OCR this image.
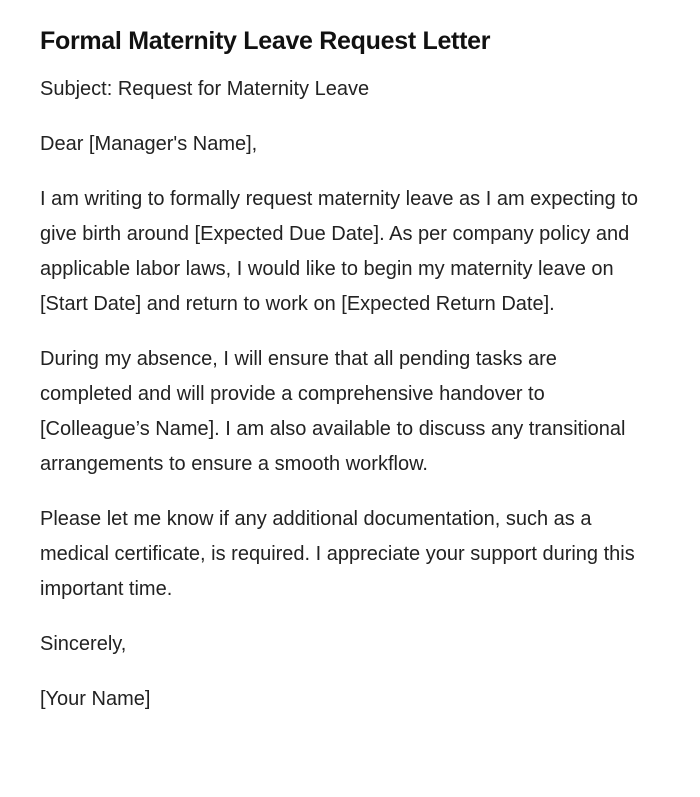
Formal Maternity Leave Request Letter

Subject: Request for Maternity Leave

Dear [Manager's Name],

I am writing to formally request maternity leave as I am expecting to give birth around [Expected Due Date]. As per company policy and applicable labor laws, I would like to begin my maternity leave on [Start Date] and return to work on [Expected Return Date].

During my absence, I will ensure that all pending tasks are completed and will provide a comprehensive handover to [Colleague’s Name]. I am also available to discuss any transitional arrangements to ensure a smooth workflow.

Please let me know if any additional documentation, such as a medical certificate, is required. I appreciate your support during this important time.

Sincerely,

[Your Name]
